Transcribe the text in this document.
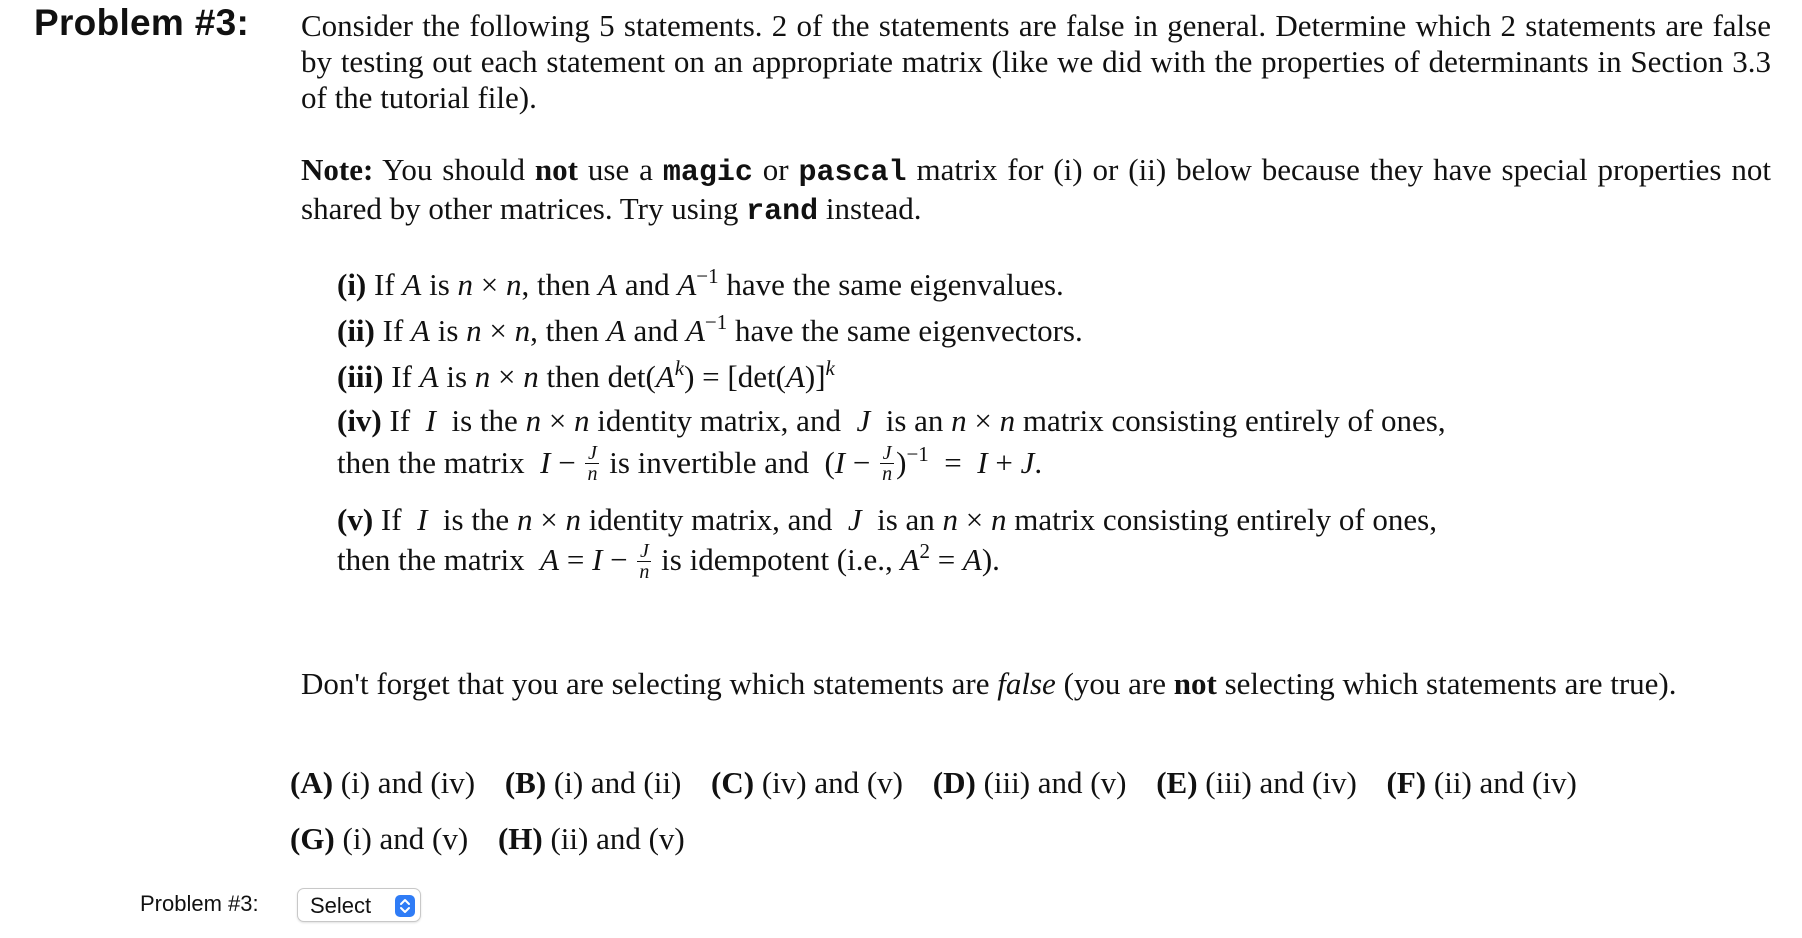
Problem #3: Consider the following 5 statements. 2 of the statements are false in general. Determine which 2 statements are false by testing out each statement on an appropriate matrix (like we did with the properties of determinants in Section 3.3 of the tutorial file).
Note: You should not use a magic or pascal matrix for (i) or (ii) below because they have special properties not shared by other matrices. Try using rand instead.
(i) If A is n × n, then A and $A^{-1}$ have the same eigenvalues.
(ii) If A is n × n, then A and $A^{-1}$ have the same eigenvectors.
(iii) If A is n × n then $\det(A^k) = [\det(A)]^k$
(iv) If  I  is the n × n identity matrix, and  J  is an n × n matrix consisting entirely of ones,
then the matrix  $I - \frac{J}{n}$ is invertible and  $(I - \frac{J}{n} )^{-1} = I + J$.
(v) If  I  is the n × n identity matrix, and  J  is an n × n matrix consisting entirely of ones,
then the matrix  $A = I - \frac{J}{n}$ is idempotent (i.e., $A^2 = A$).
Don't forget that you are selecting which statements are false (you are not selecting which statements are true).
(A) (i) and (iv) (B) (i) and (ii) (C) (iv) and (v) (D) (iii) and (v) (E) (iii) and (iv) (F) (ii) and (iv)
(G) (i) and (v) (H) (ii) and (v)
Problem #3: Select
